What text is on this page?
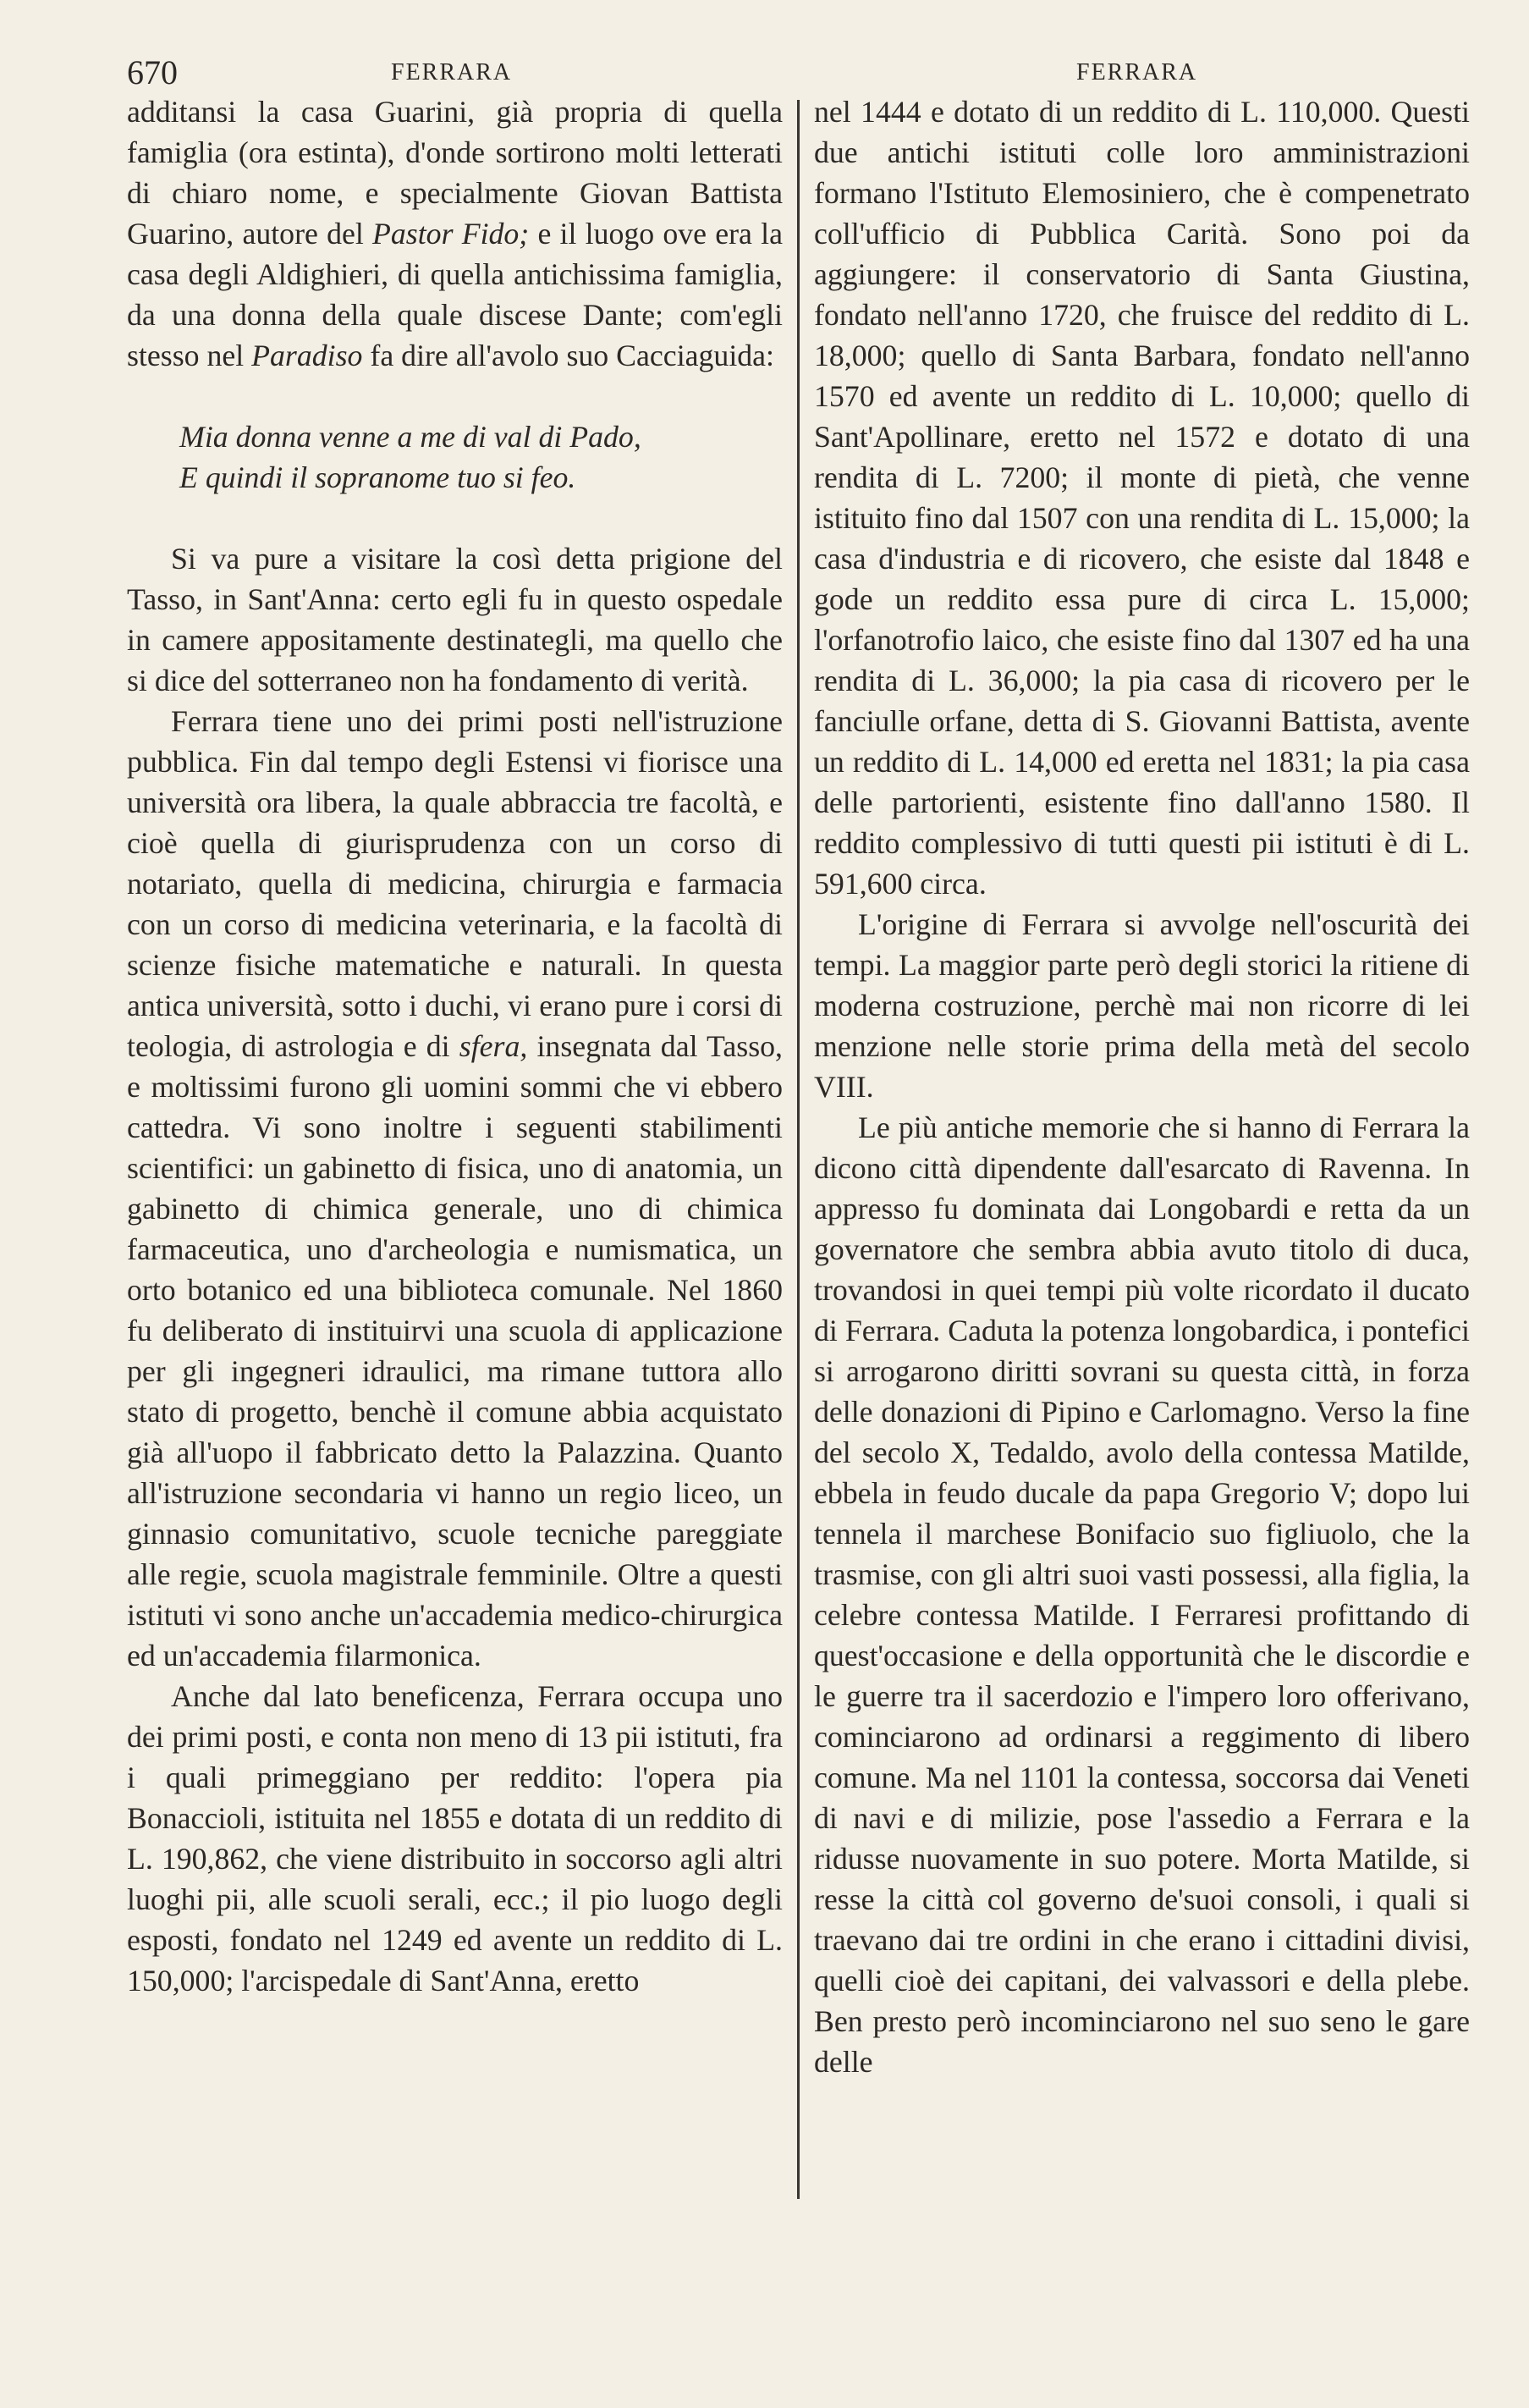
670	FERRARA	FERRARA

additansi la casa Guarini, già propria di quella famiglia (ora estinta), d'onde sortirono molti letterati di chiaro nome, e specialmente Giovan Battista Guarino, autore del Pastor Fido; e il luogo ove era la casa degli Aldighieri, di quella antichissima famiglia, da una donna della quale discese Dante; com'egli stesso nel Paradiso fa dire all'avolo suo Cacciaguida:

Mia donna venne a me di val di Pado,
E quindi il sopranome tuo si feo.

Si va pure a visitare la così detta prigione del Tasso, in Sant'Anna: certo egli fu in questo ospedale in camere appositamente destinategli, ma quello che si dice del sotterraneo non ha fondamento di verità.

Ferrara tiene uno dei primi posti nell'istruzione pubblica. Fin dal tempo degli Estensi vi fiorisce una università ora libera, la quale abbraccia tre facoltà, e cioè quella di giurisprudenza con un corso di notariato, quella di medicina, chirurgia e farmacia con un corso di medicina veterinaria, e la facoltà di scienze fisiche matematiche e naturali. In questa antica università, sotto i duchi, vi erano pure i corsi di teologia, di astrologia e di sfera, insegnata dal Tasso, e moltissimi furono gli uomini sommi che vi ebbero cattedra. Vi sono inoltre i seguenti stabilimenti scientifici: un gabinetto di fisica, uno di anatomia, un gabinetto di chimica generale, uno di chimica farmaceutica, uno d'archeologia e numismatica, un orto botanico ed una biblioteca comunale. Nel 1860 fu deliberato di instituirvi una scuola di applicazione per gli ingegneri idraulici, ma rimane tuttora allo stato di progetto, benchè il comune abbia acquistato già all'uopo il fabbricato detto la Palazzina. Quanto all'istruzione secondaria vi hanno un regio liceo, un ginnasio comunitativo, scuole tecniche pareggiate alle regie, scuola magistrale femminile. Oltre a questi istituti vi sono anche un'accademia medico-chirurgica ed un'accademia filarmonica.

Anche dal lato beneficenza, Ferrara occupa uno dei primi posti, e conta non meno di 13 pii istituti, fra i quali primeggiano per reddito: l'opera pia Bonaccioli, istituita nel 1855 e dotata di un reddito di L. 190,862, che viene distribuito in soccorso agli altri luoghi pii, alle scuoli serali, ecc.; il pio luogo degli esposti, fondato nel 1249 ed avente un reddito di L. 150,000; l'arcispedale di Sant'Anna, eretto

nel 1444 e dotato di un reddito di L. 110,000. Questi due antichi istituti colle loro amministrazioni formano l'Istituto Elemosiniero, che è compenetrato coll'ufficio di Pubblica Carità. Sono poi da aggiungere: il conservatorio di Santa Giustina, fondato nell'anno 1720, che fruisce del reddito di L. 18,000; quello di Santa Barbara, fondato nell'anno 1570 ed avente un reddito di L. 10,000; quello di Sant'Apollinare, eretto nel 1572 e dotato di una rendita di L. 7200; il monte di pietà, che venne istituito fino dal 1507 con una rendita di L. 15,000; la casa d'industria e di ricovero, che esiste dal 1848 e gode un reddito essa pure di circa L. 15,000; l'orfanotrofio laico, che esiste fino dal 1307 ed ha una rendita di L. 36,000; la pia casa di ricovero per le fanciulle orfane, detta di S. Giovanni Battista, avente un reddito di L. 14,000 ed eretta nel 1831; la pia casa delle partorienti, esistente fino dall'anno 1580. Il reddito complessivo di tutti questi pii istituti è di L. 591,600 circa.

L'origine di Ferrara si avvolge nell'oscurità dei tempi. La maggior parte però degli storici la ritiene di moderna costruzione, perchè mai non ricorre di lei menzione nelle storie prima della metà del secolo VIII.

Le più antiche memorie che si hanno di Ferrara la dicono città dipendente dall'esarcato di Ravenna. In appresso fu dominata dai Longobardi e retta da un governatore che sembra abbia avuto titolo di duca, trovandosi in quei tempi più volte ricordato il ducato di Ferrara. Caduta la potenza longobardica, i pontefici si arrogarono diritti sovrani su questa città, in forza delle donazioni di Pipino e Carlomagno. Verso la fine del secolo X, Tedaldo, avolo della contessa Matilde, ebbela in feudo ducale da papa Gregorio V; dopo lui tennela il marchese Bonifacio suo figliuolo, che la trasmise, con gli altri suoi vasti possessi, alla figlia, la celebre contessa Matilde. I Ferraresi profittando di quest'occasione e della opportunità che le discordie e le guerre tra il sacerdozio e l'impero loro offerivano, cominciarono ad ordinarsi a reggimento di libero comune. Ma nel 1101 la contessa, soccorsa dai Veneti di navi e di milizie, pose l'assedio a Ferrara e la ridusse nuovamente in suo potere. Morta Matilde, si resse la città col governo de'suoi consoli, i quali si traevano dai tre ordini in che erano i cittadini divisi, quelli cioè dei capitani, dei valvassori e della plebe. Ben presto però incominciarono nel suo seno le gare delle
